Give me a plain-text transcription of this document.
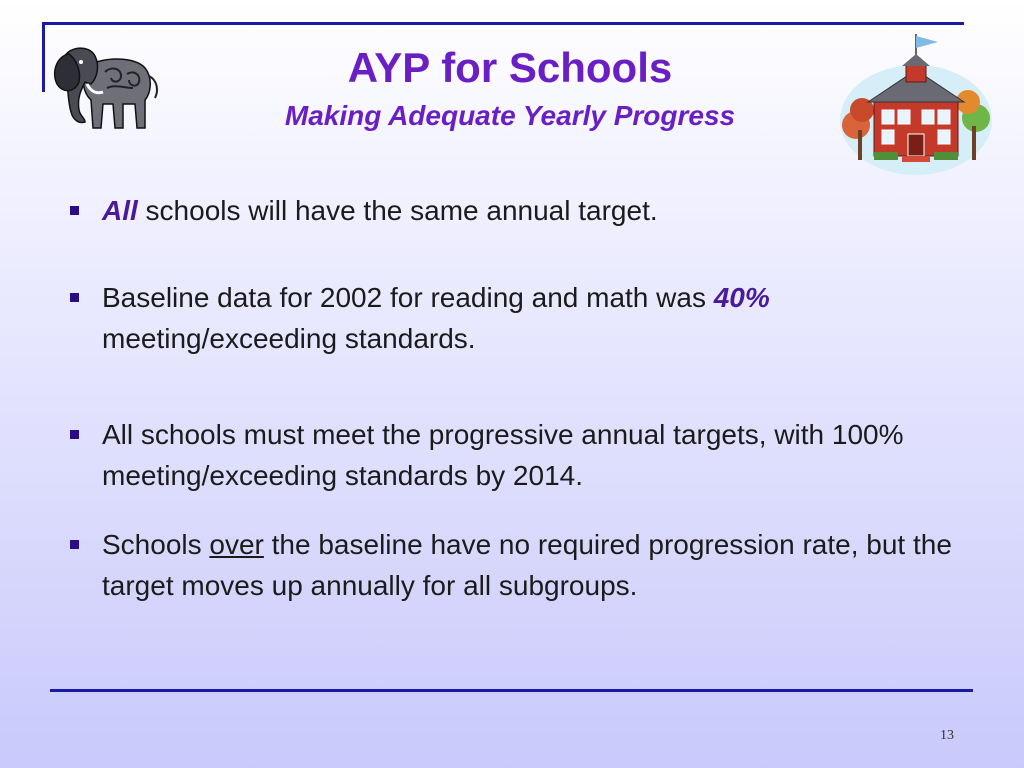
AYP for Schools
Making Adequate Yearly Progress
All schools will have the same annual target.
Baseline data for 2002 for reading and math was 40% meeting/exceeding standards.
All schools must meet the progressive annual targets, with 100% meeting/exceeding standards by 2014.
Schools over the baseline have no required progression rate, but the target moves up annually for all subgroups.
13
